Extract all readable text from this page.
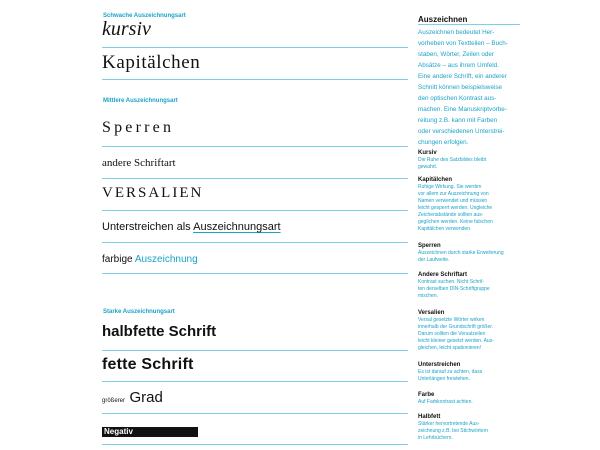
Schwache Auszeichnungsart
kursiv
Kapitälchen
Mittlere Auszeichnungsart
Sperren
andere Schriftart
VERSALIEN
Unterstreichen als Auszeichnungsart
farbige Auszeichnung
Starke Auszeichnungsart
halbfette Schrift
fette Schrift
größerer Grad
Negativ
Auszeichnen
Auszeichnen bedeutet Her-
vorheben von Textteilen – Buch-
staben, Wörter, Zeilen oder
Absätze – aus ihrem Umfeld.
Eine andere Schrift, ein anderer
Schnitt können beispielsweise
den optischen Kontrast aus-
machen. Eine Manuskriptvorbe-
reitung z.B. kann mit Farben
oder verschiedenen Unterstrei-
chungen erfolgen.
Kursiv
Die Ruhe des Satzbildes bleibt
gewahrt.
Kapitälchen
Ruhige Wirkung. Sie werden
vor allem zur Auszeichnung von
Namen verwendet und müssen
leicht gesperrt werden. Ungleiche
Zeichenabstände sollten aus-
geglichen werden. Keine falschen
Kapitälchen verwenden.
Sperren
Auszeichnen durch starke Erweiterung
der Laufweite.
Andere Schriftart
Kontrast suchen. Nicht Schrif-
ten derselben DIN-Schriftgruppe
mischen.
Versalien
Versal gesetzte Wörter wirken
innerhalb der Grundschrift größer.
Darum sollten die Versalzeilen
leicht kleiner gesetzt werden. Aus-
gleichen, leicht spationieren!
Unterstreichen
Es ist darauf zu achten, dass
Unterlängen freistehen.
Farbe
Auf Farbkontrast achten.
Halbfett
Stärker hervortretende Aus-
zeichnung z.B. bei Stichwörtern
in Lehrbüchern.
